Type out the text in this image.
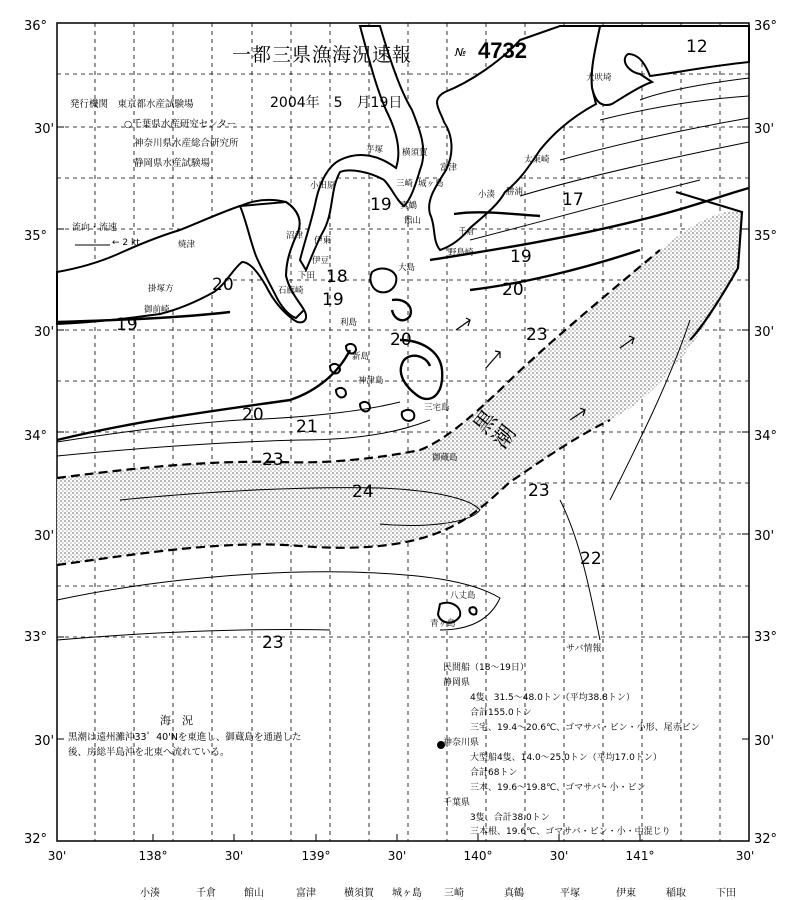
36°
30'
35°
30'
34°
30'
33°
30'
32°
36°
30'
35°
30'
34°
30'
33°
30'
32°
30'	138°	30'	139°	30'	140°	30'	141°	30'
12
17
19
19
20
20
19
18
19
20
20
21
23
24
23
23
22
23
犬吠埼
太東崎
勝浦
小湊
館山
野島崎
千倉
富津
横須賀
平塚
小田原	三崎 城ヶ島
真鶴
伊東
沼津
焼津
御前崎
掛塚方
伊豆
下田
石廊崎
大島
利島
新島
神津島
三宅島
御蔵島
八丈島
青ヶ島
一都三県漁海況速報	№ 4732
2004年　5　月19日
発行機関　東京都水産試験場
○千葉県水産研究センター
神奈川県水産総合研究所
静岡県水産試験場
流向・流速
← 2 kt
黒潮
海　況
黒潮は遠州灘沖33゜40'Nを東進し、御蔵島を通過した後、房総半島沖を北東へ流れている。
サバ情報
民間船（18～19日）
静岡県
4隻、31.5～48.0トン（平均38.8トン）
合計155.0トン
三宅、19.4～20.6℃、ゴマサバ・ビン・小形、尾赤ビン
神奈川県
大型船4隻、14.0～25.0トン（平均17.0トン）
合計68トン
三本、19.6～19.8℃、ゴマサバ・小・ビン
千葉県
3隻、合計38.0トン
三本根、19.6℃、ゴマサバ・ビン・小・中混じり
小湊	千倉	館山	富津	横須賀 城ヶ島 三崎	真鶴	平塚	伊東	稲取	下田
